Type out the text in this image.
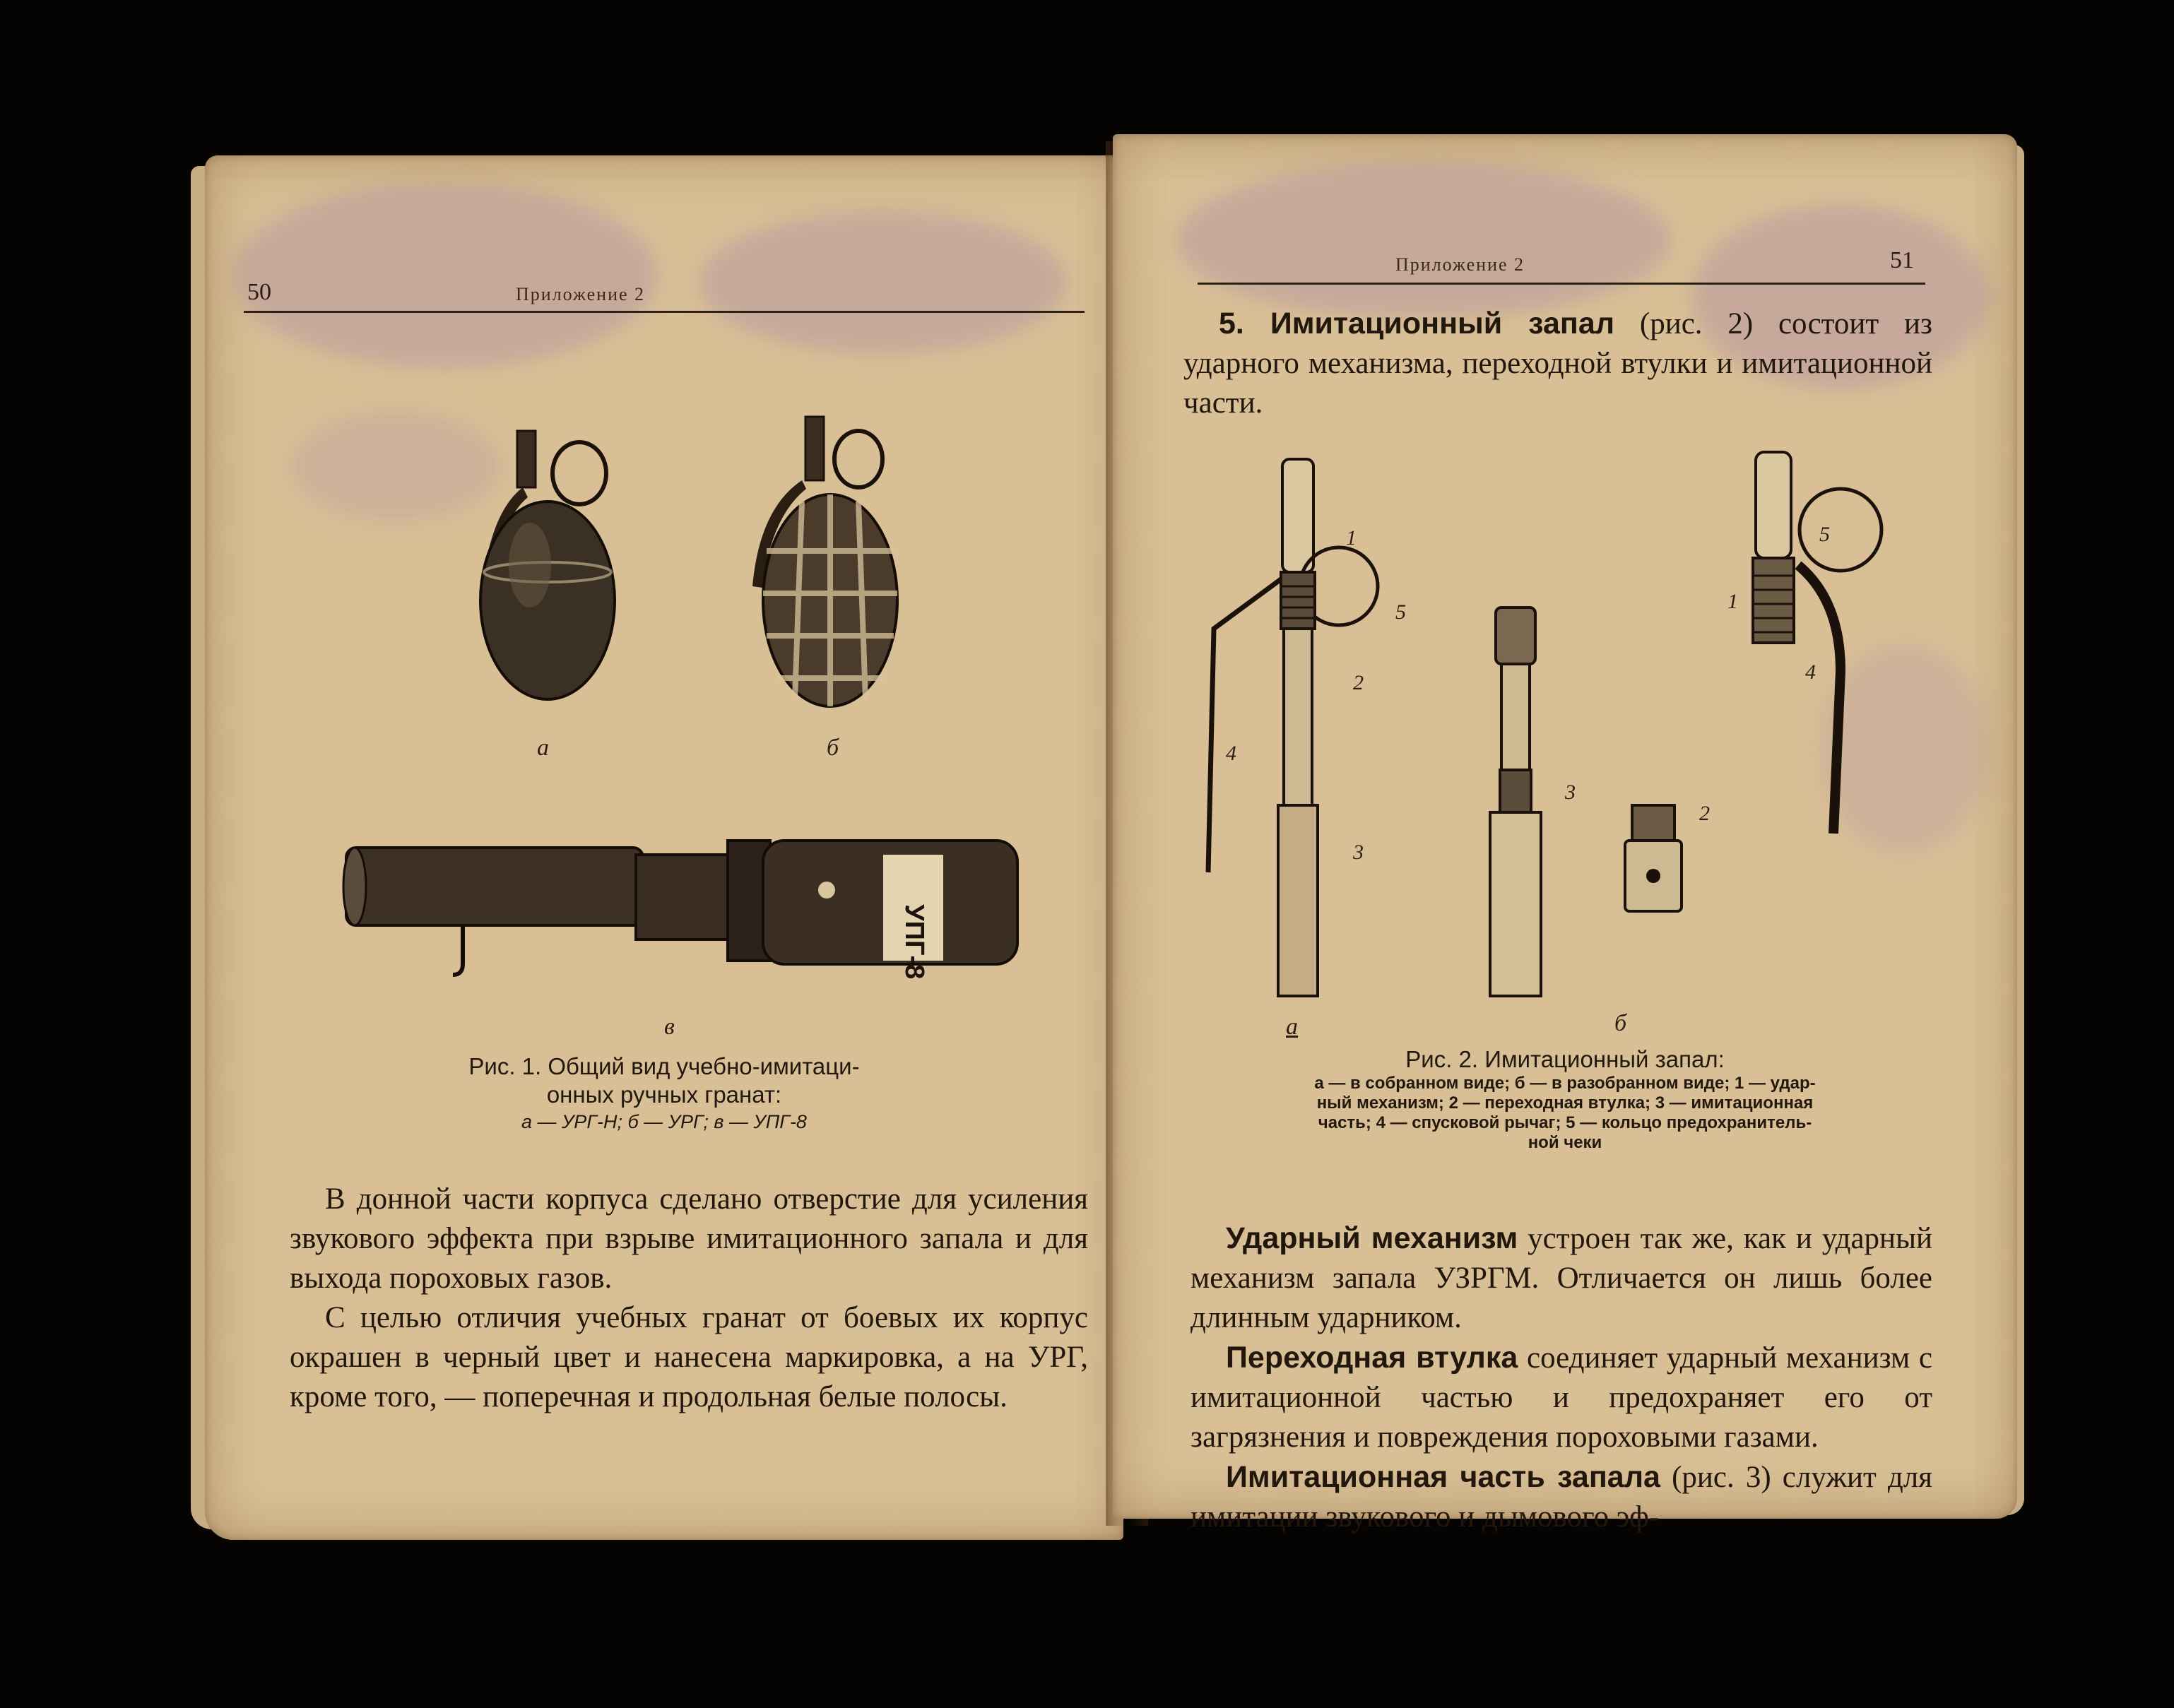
50	Приложение 2
а	б
УПГ-8
в
Рис. 1. Общий вид учебно-имитаци-
онных ручных гранат:
а — УРГ-Н; б — УРГ; в — УПГ-8

В донной части корпуса сделано отверстие для усиления звукового эффекта при взрыве имитационного запала и для выхода пороховых газов.

С целью отличия учебных гранат от боевых их корпус окрашен в черный цвет и нанесена маркировка, а на УРГ, кроме того, — поперечная и продольная белые полосы.

Приложение 2	51

5. Имитационный запал (рис. 2) состоит из ударного механизма, переходной втулки и имитационной части.

1
5
2
4
3
а
3
2
5
1
4
б
Рис. 2. Имитационный запал:
а — в собранном виде; б — в разобранном виде; 1 — удар-
ный механизм; 2 — переходная втулка; 3 — имитационная
часть; 4 — спусковой рычаг; 5 — кольцо предохранитель-
ной чеки

Ударный механизм устроен так же, как и ударный механизм запала УЗРГМ. Отличается он лишь более длинным ударником.

Переходная втулка соединяет ударный механизм с имитационной частью и предохраняет его от загрязнения и повреждения пороховыми газами.

Имитационная часть запала (рис. 3) служит для имитации звукового и дымового эф-
